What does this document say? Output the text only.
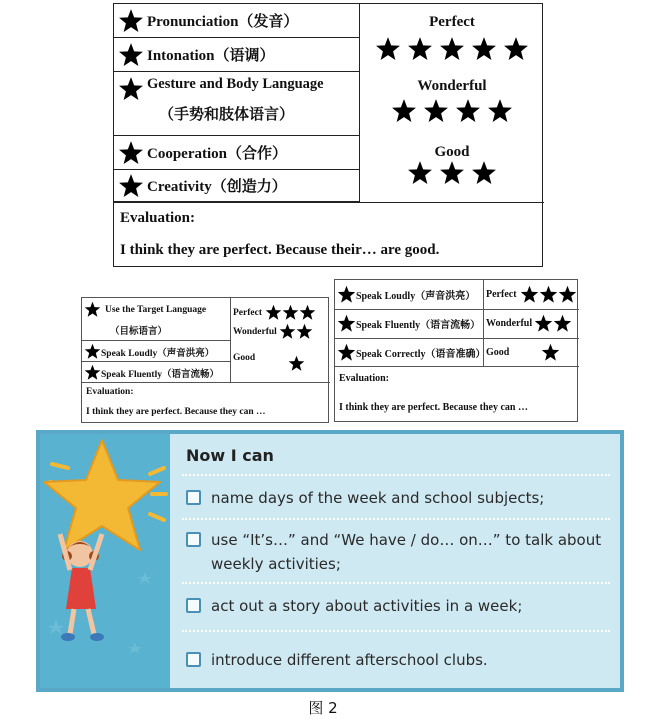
Pronunciation（发音）
Intonation（语调）
Gesture and Body Language
（手势和肢体语言）
Cooperation（合作）
Creativity（创造力）
Perfect
Wonderful
Good
Evaluation:
I think they are perfect. Because their… are good.
Use the Target Language
（目标语言）
Speak Loudly（声音洪亮）
Speak Fluently（语言流畅）
Perfect
Wonderful
Good
Evaluation:
I think they are perfect. Because they can …
Speak Loudly（声音洪亮）
Speak Fluently（语言流畅）
Speak Correctly（语音准确）
Perfect
Wonderful
Good
Evaluation:
I think they are perfect. Because they can …
Now I can
name days of the week and school subjects;
use “It’s…” and “We have / do… on…” to talk about
weekly activities;
act out a story about activities in a week;
introduce different afterschool clubs.
图 2
